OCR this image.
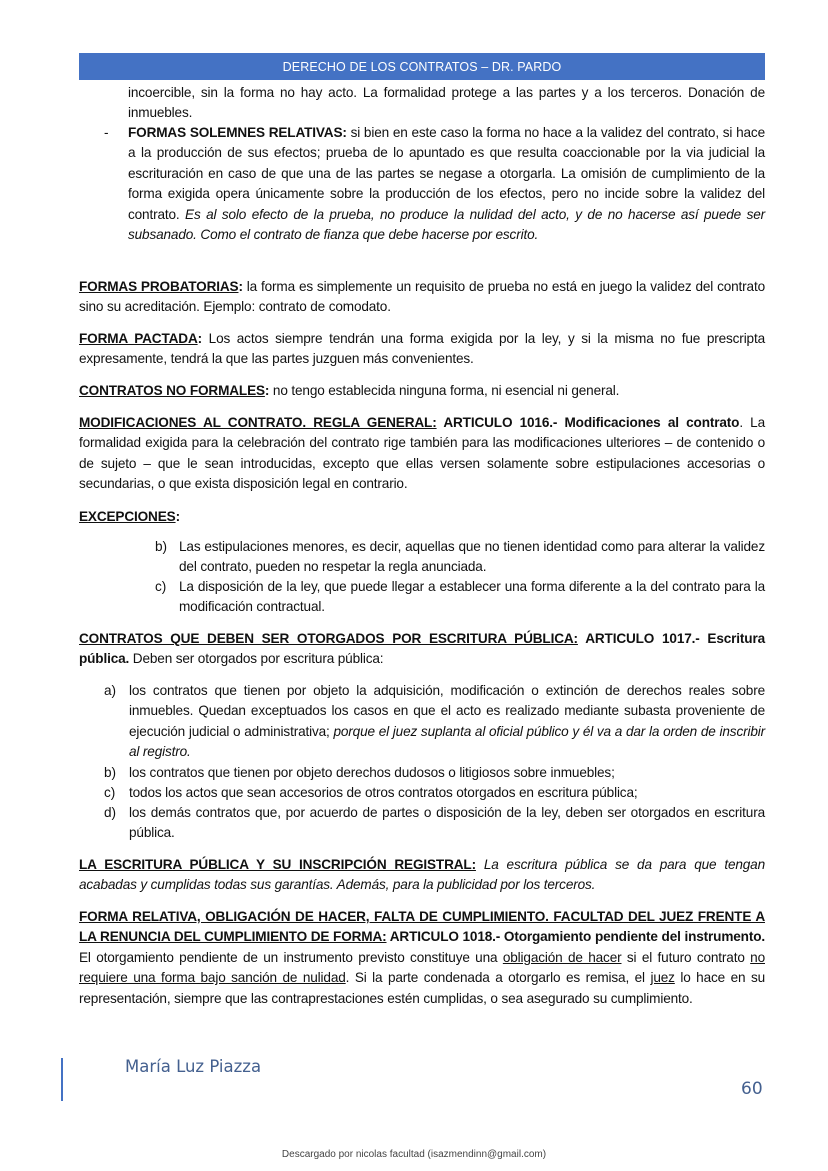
DERECHO DE LOS CONTRATOS – DR. PARDO
incoercible, sin la forma no hay acto. La formalidad protege a las partes y a los terceros. Donación de inmuebles.
- FORMAS SOLEMNES RELATIVAS: si bien en este caso la forma no hace a la validez del contrato, si hace a la producción de sus efectos; prueba de lo apuntado es que resulta coaccionable por la via judicial la escrituración en caso de que una de las partes se negase a otorgarla. La omisión de cumplimiento de la forma exigida opera únicamente sobre la producción de los efectos, pero no incide sobre la validez del contrato. Es al solo efecto de la prueba, no produce la nulidad del acto, y de no hacerse así puede ser subsanado. Como el contrato de fianza que debe hacerse por escrito.
FORMAS PROBATORIAS: la forma es simplemente un requisito de prueba no está en juego la validez del contrato sino su acreditación. Ejemplo: contrato de comodato.
FORMA PACTADA: Los actos siempre tendrán una forma exigida por la ley, y si la misma no fue prescripta expresamente, tendrá la que las partes juzguen más convenientes.
CONTRATOS NO FORMALES: no tengo establecida ninguna forma, ni esencial ni general.
MODIFICACIONES AL CONTRATO. REGLA GENERAL: ARTICULO 1016.- Modificaciones al contrato. La formalidad exigida para la celebración del contrato rige también para las modificaciones ulteriores – de contenido o de sujeto – que le sean introducidas, excepto que ellas versen solamente sobre estipulaciones accesorias o secundarias, o que exista disposición legal en contrario.
EXCEPCIONES:
b) Las estipulaciones menores, es decir, aquellas que no tienen identidad como para alterar la validez del contrato, pueden no respetar la regla anunciada.
c) La disposición de la ley, que puede llegar a establecer una forma diferente a la del contrato para la modificación contractual.
CONTRATOS QUE DEBEN SER OTORGADOS POR ESCRITURA PÚBLICA: ARTICULO 1017.- Escritura pública. Deben ser otorgados por escritura pública:
a) los contratos que tienen por objeto la adquisición, modificación o extinción de derechos reales sobre inmuebles. Quedan exceptuados los casos en que el acto es realizado mediante subasta proveniente de ejecución judicial o administrativa; porque el juez suplanta al oficial público y él va a dar la orden de inscribir al registro.
b) los contratos que tienen por objeto derechos dudosos o litigiosos sobre inmuebles;
c) todos los actos que sean accesorios de otros contratos otorgados en escritura pública;
d) los demás contratos que, por acuerdo de partes o disposición de la ley, deben ser otorgados en escritura pública.
LA ESCRITURA PÚBLICA Y SU INSCRIPCIÓN REGISTRAL: La escritura pública se da para que tengan acabadas y cumplidas todas sus garantías. Además, para la publicidad por los terceros.
FORMA RELATIVA, OBLIGACIÓN DE HACER, FALTA DE CUMPLIMIENTO. FACULTAD DEL JUEZ FRENTE A LA RENUNCIA DEL CUMPLIMIENTO DE FORMA: ARTICULO 1018.- Otorgamiento pendiente del instrumento. El otorgamiento pendiente de un instrumento previsto constituye una obligación de hacer si el futuro contrato no requiere una forma bajo sanción de nulidad. Si la parte condenada a otorgarlo es remisa, el juez lo hace en su representación, siempre que las contraprestaciones estén cumplidas, o sea asegurado su cumplimiento.
María Luz Piazza
60
Descargado por nicolas facultad (isazmendinn@gmail.com)
